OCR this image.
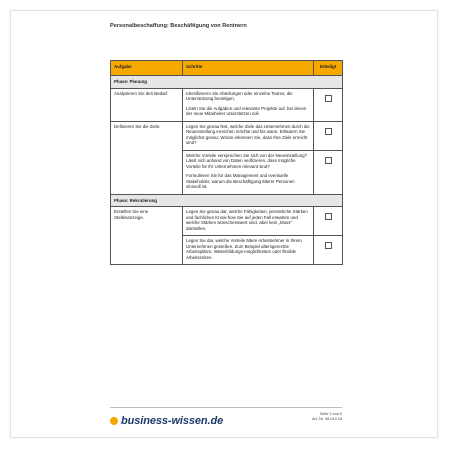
Personalbeschaffung: Beschäftigung von Rentnern
Aufgabe	Schritte	Erledigt
Phase: Planung		
Analysieren Sie den Bedarf.	Identifizieren Sie Abteilungen oder einzelne Teams, die Unterstützung benötigen.
Listen Sie die Aufgaben und relevante Projekte auf, bei denen der neue Mitarbeiter unterstützen soll.	

Definieren Sie die Ziele.	Legen Sie genau fest, welche Ziele das Unternehmen durch die Neueinstellung erreichen möchte und bis wann. Erläutern Sie möglichst genau: Woran erkennen Sie, dass Ihre Ziele erreicht sind?	

	Welche Vorteile versprechen Sie sich von der Neueinstellung? Lässt sich anhand von Daten verifizieren, dass mögliche Vorteile für Ihr Unternehmen relevant sind?
Formulieren Sie für das Management und eventuelle Stakeholder, warum die Beschäftigung älterer Personen sinnvoll ist.	

Phase: Rekrutierung		
Erstellen Sie eine Stellenanzeige.	Legen Sie genau dar, welche Fähigkeiten, persönliche Stärken und fachliches Know-how Sie auf jeden Fall erwarten und welche Stärken wünschenswert sind, aber kein „Muss“ darstellen.	

	Legen Sie dar, welche Vorteile ältere Arbeitnehmer in Ihrem Unternehmen genießen. Zum Beispiel altersgerechte Arbeitsplätze, Weiterbildungs-möglichkeiten oder flexible Arbeitszeiten.	

business-wissen.de
Seite 2 von 5
Art.-Nr. 08.014.18
